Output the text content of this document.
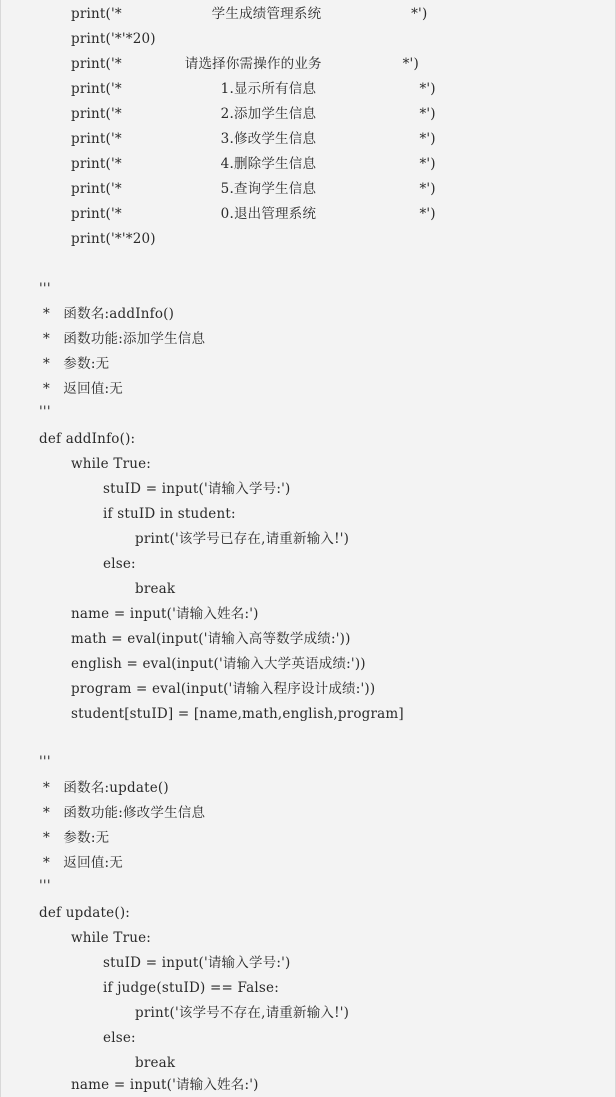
print('*                    学生成绩管理系统                    *')
print('*'*20)
print('*              请选择你需操作的业务                  *')
print('*                      1.显示所有信息                       *')
print('*                      2.添加学生信息                       *')
print('*                      3.修改学生信息                       *')
print('*                      4.删除学生信息                       *')
print('*                      5.查询学生信息                       *')
print('*                      0.退出管理系统                       *')
print('*'*20)
'''
*   函数名:addInfo()
*   函数功能:添加学生信息
*   参数:无
*   返回值:无
'''
def addInfo():
while True:
stuID = input('请输入学号:')
if stuID in student:
print('该学号已存在,请重新输入!')
else:
break
name = input('请输入姓名:')
math = eval(input('请输入高等数学成绩:'))
english = eval(input('请输入大学英语成绩:'))
program = eval(input('请输入程序设计成绩:'))
student[stuID] = [name,math,english,program]
'''
*   函数名:update()
*   函数功能:修改学生信息
*   参数:无
*   返回值:无
'''
def update():
while True:
stuID = input('请输入学号:')
if judge(stuID) == False:
print('该学号不存在,请重新输入!')
else:
break
name = input('请输入姓名:')
